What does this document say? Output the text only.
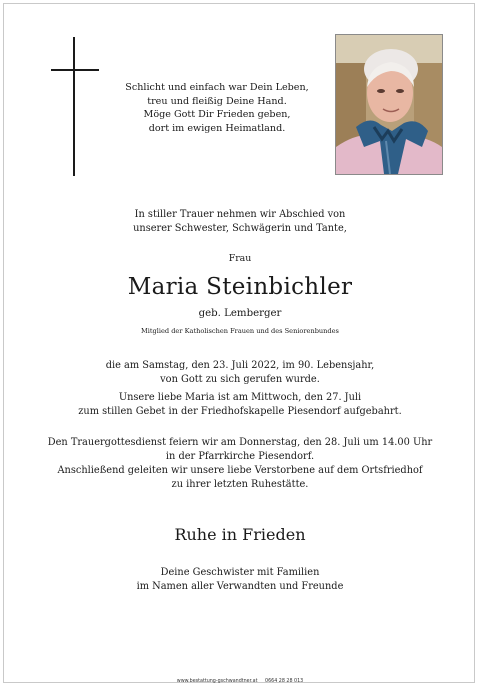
Schlicht und einfach war Dein Leben,
treu und fleißig Deine Hand.
Möge Gott Dir Frieden geben,
dort im ewigen Heimatland.
In stiller Trauer nehmen wir Abschied von
unserer Schwester, Schwägerin und Tante,
Frau
Maria Steinbichler
geb. Lemberger
Mitglied der Katholischen Frauen und des Seniorenbundes
die am Samstag, den 23. Juli 2022, im 90. Lebensjahr,
von Gott zu sich gerufen wurde.
Unsere liebe Maria ist am Mittwoch, den 27. Juli
zum stillen Gebet in der Friedhofskapelle Piesendorf aufgebahrt.
Den Trauergottesdienst feiern wir am Donnerstag, den 28. Juli um 14.00 Uhr
in der Pfarrkirche Piesendorf.
Anschließend geleiten wir unsere liebe Verstorbene auf dem Ortsfriedhof
zu ihrer letzten Ruhestätte.
Ruhe in Frieden
Deine Geschwister mit Familien
im Namen aller Verwandten und Freunde
www.bestattung-gschwandtner.at 0664 28 28 013
